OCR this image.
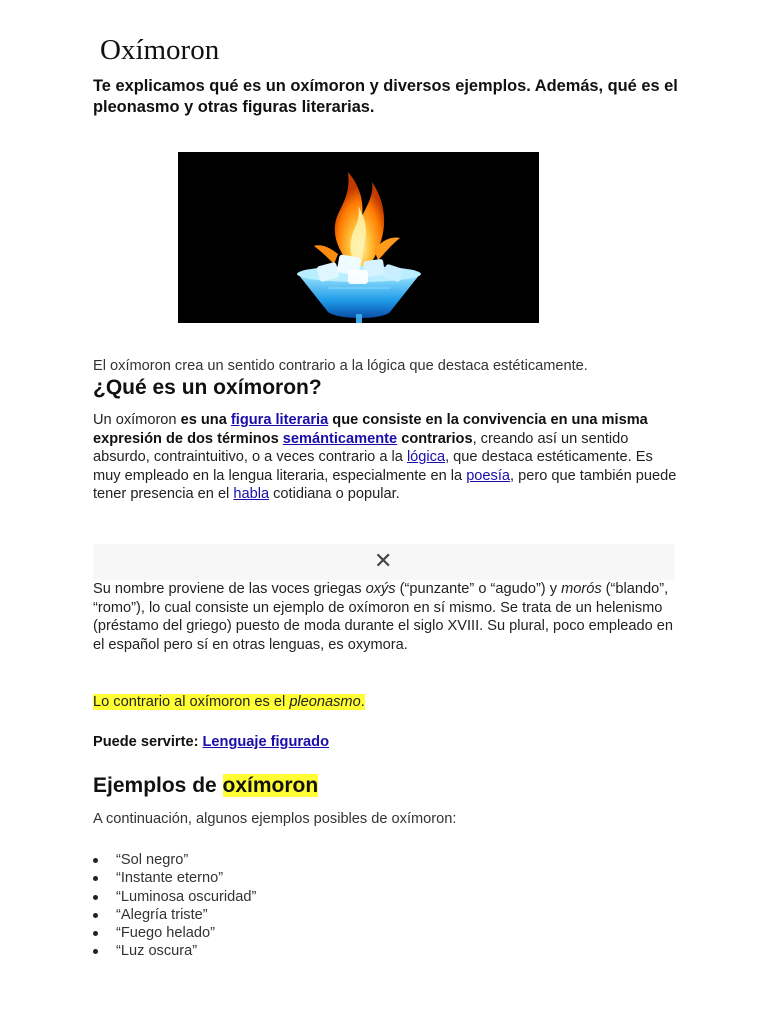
Oxímoron

Te explicamos qué es un oxímoron y diversos ejemplos. Además, qué es el pleonasmo y otras figuras literarias.

El oxímoron crea un sentido contrario a la lógica que destaca estéticamente.

¿Qué es un oxímoron?

Un oxímoron es una figura literaria que consiste en la convivencia en una misma expresión de dos términos semánticamente contrarios, creando así un sentido absurdo, contraintuitivo, o a veces contrario a la lógica, que destaca estéticamente. Es muy empleado en la lengua literaria, especialmente en la poesía, pero que también puede tener presencia en el habla cotidiana o popular.

✕

Su nombre proviene de las voces griegas oxýs (“punzante” o “agudo”) y morós (“blando”, “romo”), lo cual consiste un ejemplo de oxímoron en sí mismo. Se trata de un helenismo (préstamo del griego) puesto de moda durante el siglo XVIII. Su plural, poco empleado en el español pero sí en otras lenguas, es oxymora.

Lo contrario al oxímoron es el pleonasmo.

Puede servirte: Lenguaje figurado

Ejemplos de oxímoron

A continuación, algunos ejemplos posibles de oxímoron:

“Sol negro”
“Instante eterno”
“Luminosa oscuridad”
“Alegría triste”
“Fuego helado”
“Luz oscura”
